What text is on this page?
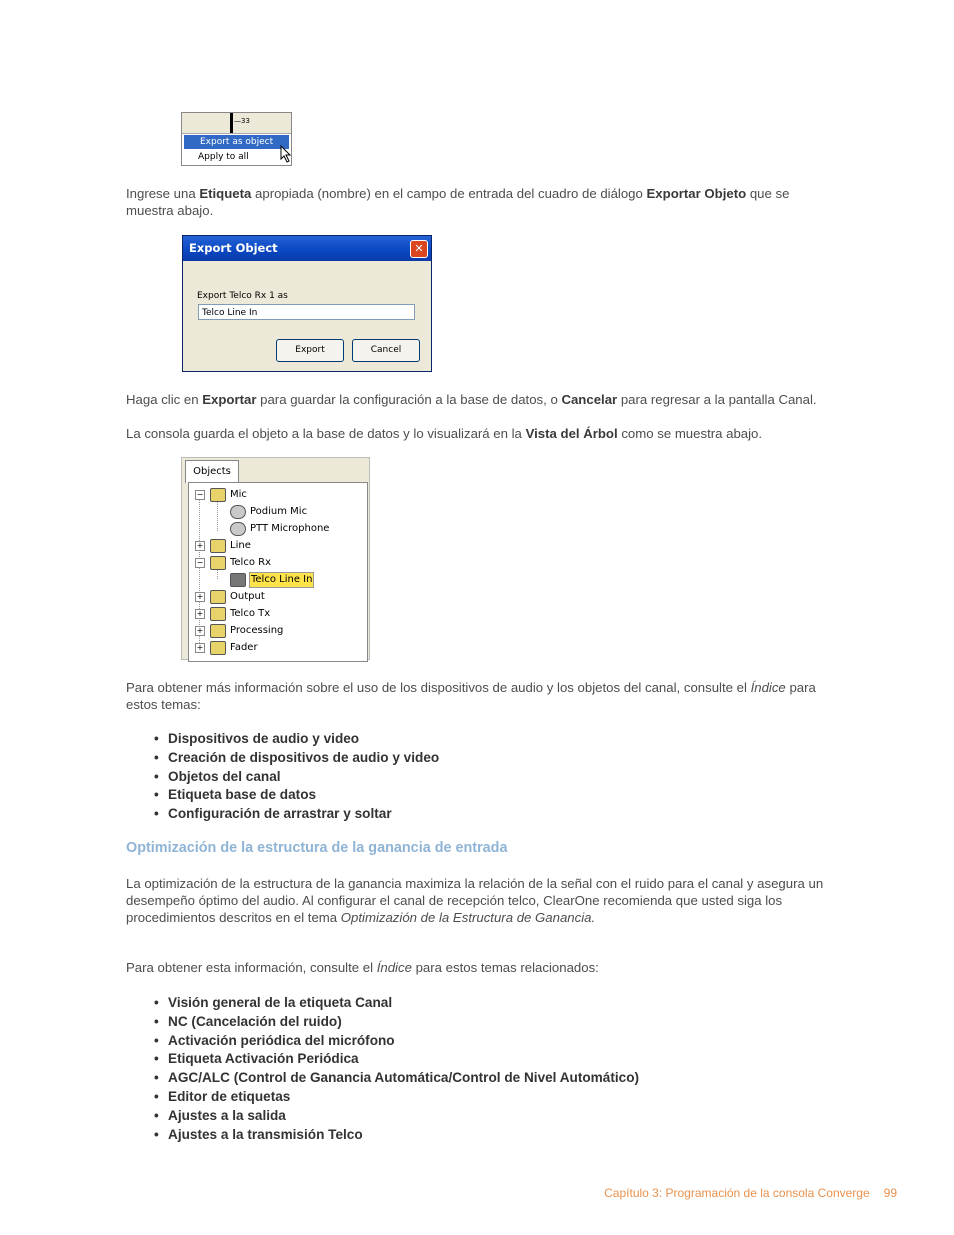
—33
Export as object
Apply to all
Ingrese una Etiqueta apropiada (nombre) en el campo de entrada del cuadro de diálogo Exportar Objeto que se muestra abajo.
Export Object	✕
Export Telco Rx 1 as
Telco Line In
Export	Cancel
Haga clic en Exportar para guardar la configuración a la base de datos, o Cancelar para regresar a la pantalla Canal.
La consola guarda el objeto a la base de datos y lo visualizará en la Vista del Árbol como se muestra abajo.
Objects
−	Mic
Podium Mic
PTT Microphone
+	Line
−	Telco Rx
Telco Line In
+	Output
+	Telco Tx
+	Processing
+	Fader
Para obtener más información sobre el uso de los dispositivos de audio y los objetos del canal, consulte el Índice para estos temas:
• Dispositivos de audio y video
• Creación de dispositivos de audio y video
• Objetos del canal
• Etiqueta base de datos
• Configuración de arrastrar y soltar
Optimización de la estructura de la ganancia de entrada
La optimización de la estructura de la ganancia maximiza la relación de la señal con el ruido para el canal y asegura un desempeño óptimo del audio. Al configurar el canal de recepción telco, ClearOne recomienda que usted siga los procedimientos descritos en el tema Optimizazión de la Estructura de Ganancia.
Para obtener esta información, consulte el Índice para estos temas relacionados:
• Visión general de la etiqueta Canal
• NC (Cancelación del ruido)
• Activación periódica del micrófono
• Etiqueta Activación Periódica
• AGC/ALC (Control de Ganancia Automática/Control de Nivel Automático)
• Editor de etiquetas
• Ajustes a la salida
• Ajustes a la transmisión Telco
Capítulo 3: Programación de la consola Converge 99
